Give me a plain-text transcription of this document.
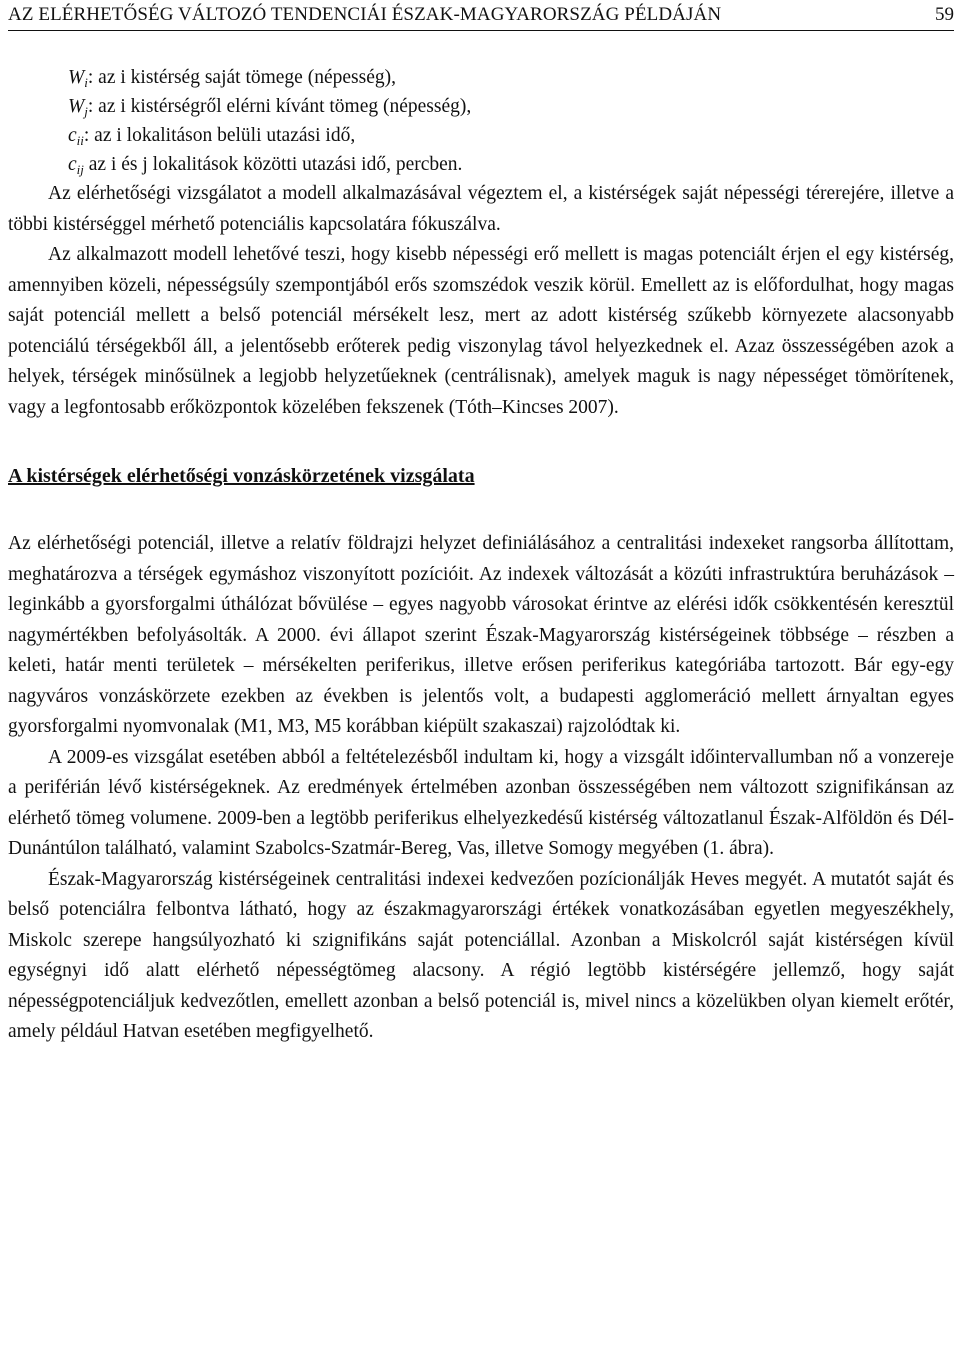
AZ ELÉRHETŐSÉG VÁLTOZÓ TENDENCIÁI ÉSZAK-MAGYARORSZÁG PÉLDÁJÁN	59
$W_i$: az i kistérség saját tömege (népesség),
$W_j$: az i kistérségről elérni kívánt tömeg (népesség),
$c_{ii}$: az i lokalitáson belüli utazási idő,
$c_{ij}$ az i és j lokalitások közötti utazási idő, percben.

Az elérhetőségi vizsgálatot a modell alkalmazásával végeztem el, a kistérségek saját népességi térerejére, illetve a többi kistérséggel mérhető potenciális kapcsolatára fókuszálva.

Az alkalmazott modell lehetővé teszi, hogy kisebb népességi erő mellett is magas potenciált érjen el egy kistérség, amennyiben közeli, népességsúly szempontjából erős szomszédok veszik körül. Emellett az is előfordulhat, hogy magas saját potenciál mellett a belső potenciál mérsékelt lesz, mert az adott kistérség szűkebb környezete alacsonyabb potenciálú térségekből áll, a jelentősebb erőterek pedig viszonylag távol helyezkednek el. Azaz összességében azok a helyek, térségek minősülnek a legjobb helyzetűeknek (centrálisnak), amelyek maguk is nagy népességet tömörítenek, vagy a legfontosabb erőközpontok közelében fekszenek (Tóth–Kincses 2007).

A kistérségek elérhetőségi vonzáskörzetének vizsgálata

Az elérhetőségi potenciál, illetve a relatív földrajzi helyzet definiálásához a centralitási indexeket rangsorba állítottam, meghatározva a térségek egymáshoz viszonyított pozícióit. Az indexek változását a közúti infrastruktúra beruházások – leginkább a gyorsforgalmi úthálózat bővülése – egyes nagyobb városokat érintve az elérési idők csökkentésén keresztül nagymértékben befolyásolták. A 2000. évi állapot szerint Észak-Magyarország kistérségeinek többsége – részben a keleti, határ menti területek – mérsékelten periferikus, illetve erősen periferikus kategóriába tartozott. Bár egy-egy nagyváros vonzáskörzete ezekben az években is jelentős volt, a budapesti agglomeráció mellett árnyaltan egyes gyorsforgalmi nyomvonalak (M1, M3, M5 korábban kiépült szakaszai) rajzolódtak ki.

A 2009-es vizsgálat esetében abból a feltételezésből indultam ki, hogy a vizsgált időintervallumban nő a vonzereje a periférián lévő kistérségeknek. Az eredmények értelmében azonban összességében nem változott szignifikánsan az elérhető tömeg volumene. 2009-ben a legtöbb periferikus elhelyezkedésű kistérség változatlanul Észak-Alföldön és Dél-Dunántúlon található, valamint Szabolcs-Szatmár-Bereg, Vas, illetve Somogy megyében (1. ábra).

Észak-Magyarország kistérségeinek centralitási indexei kedvezően pozícionálják Heves megyét. A mutatót saját és belső potenciálra felbontva látható, hogy az északmagyarországi értékek vonatkozásában egyetlen megyeszékhely, Miskolc szerepe hangsúlyozható ki szignifikáns saját potenciállal. Azonban a Miskolcról saját kistérségen kívül egységnyi idő alatt elérhető népességtömeg alacsony. A régió legtöbb kistérségére jellemző, hogy saját népességpotenciáljuk kedvezőtlen, emellett azonban a belső potenciál is, mivel nincs a közelükben olyan kiemelt erőtér, amely például Hatvan esetében megfigyelhető.
